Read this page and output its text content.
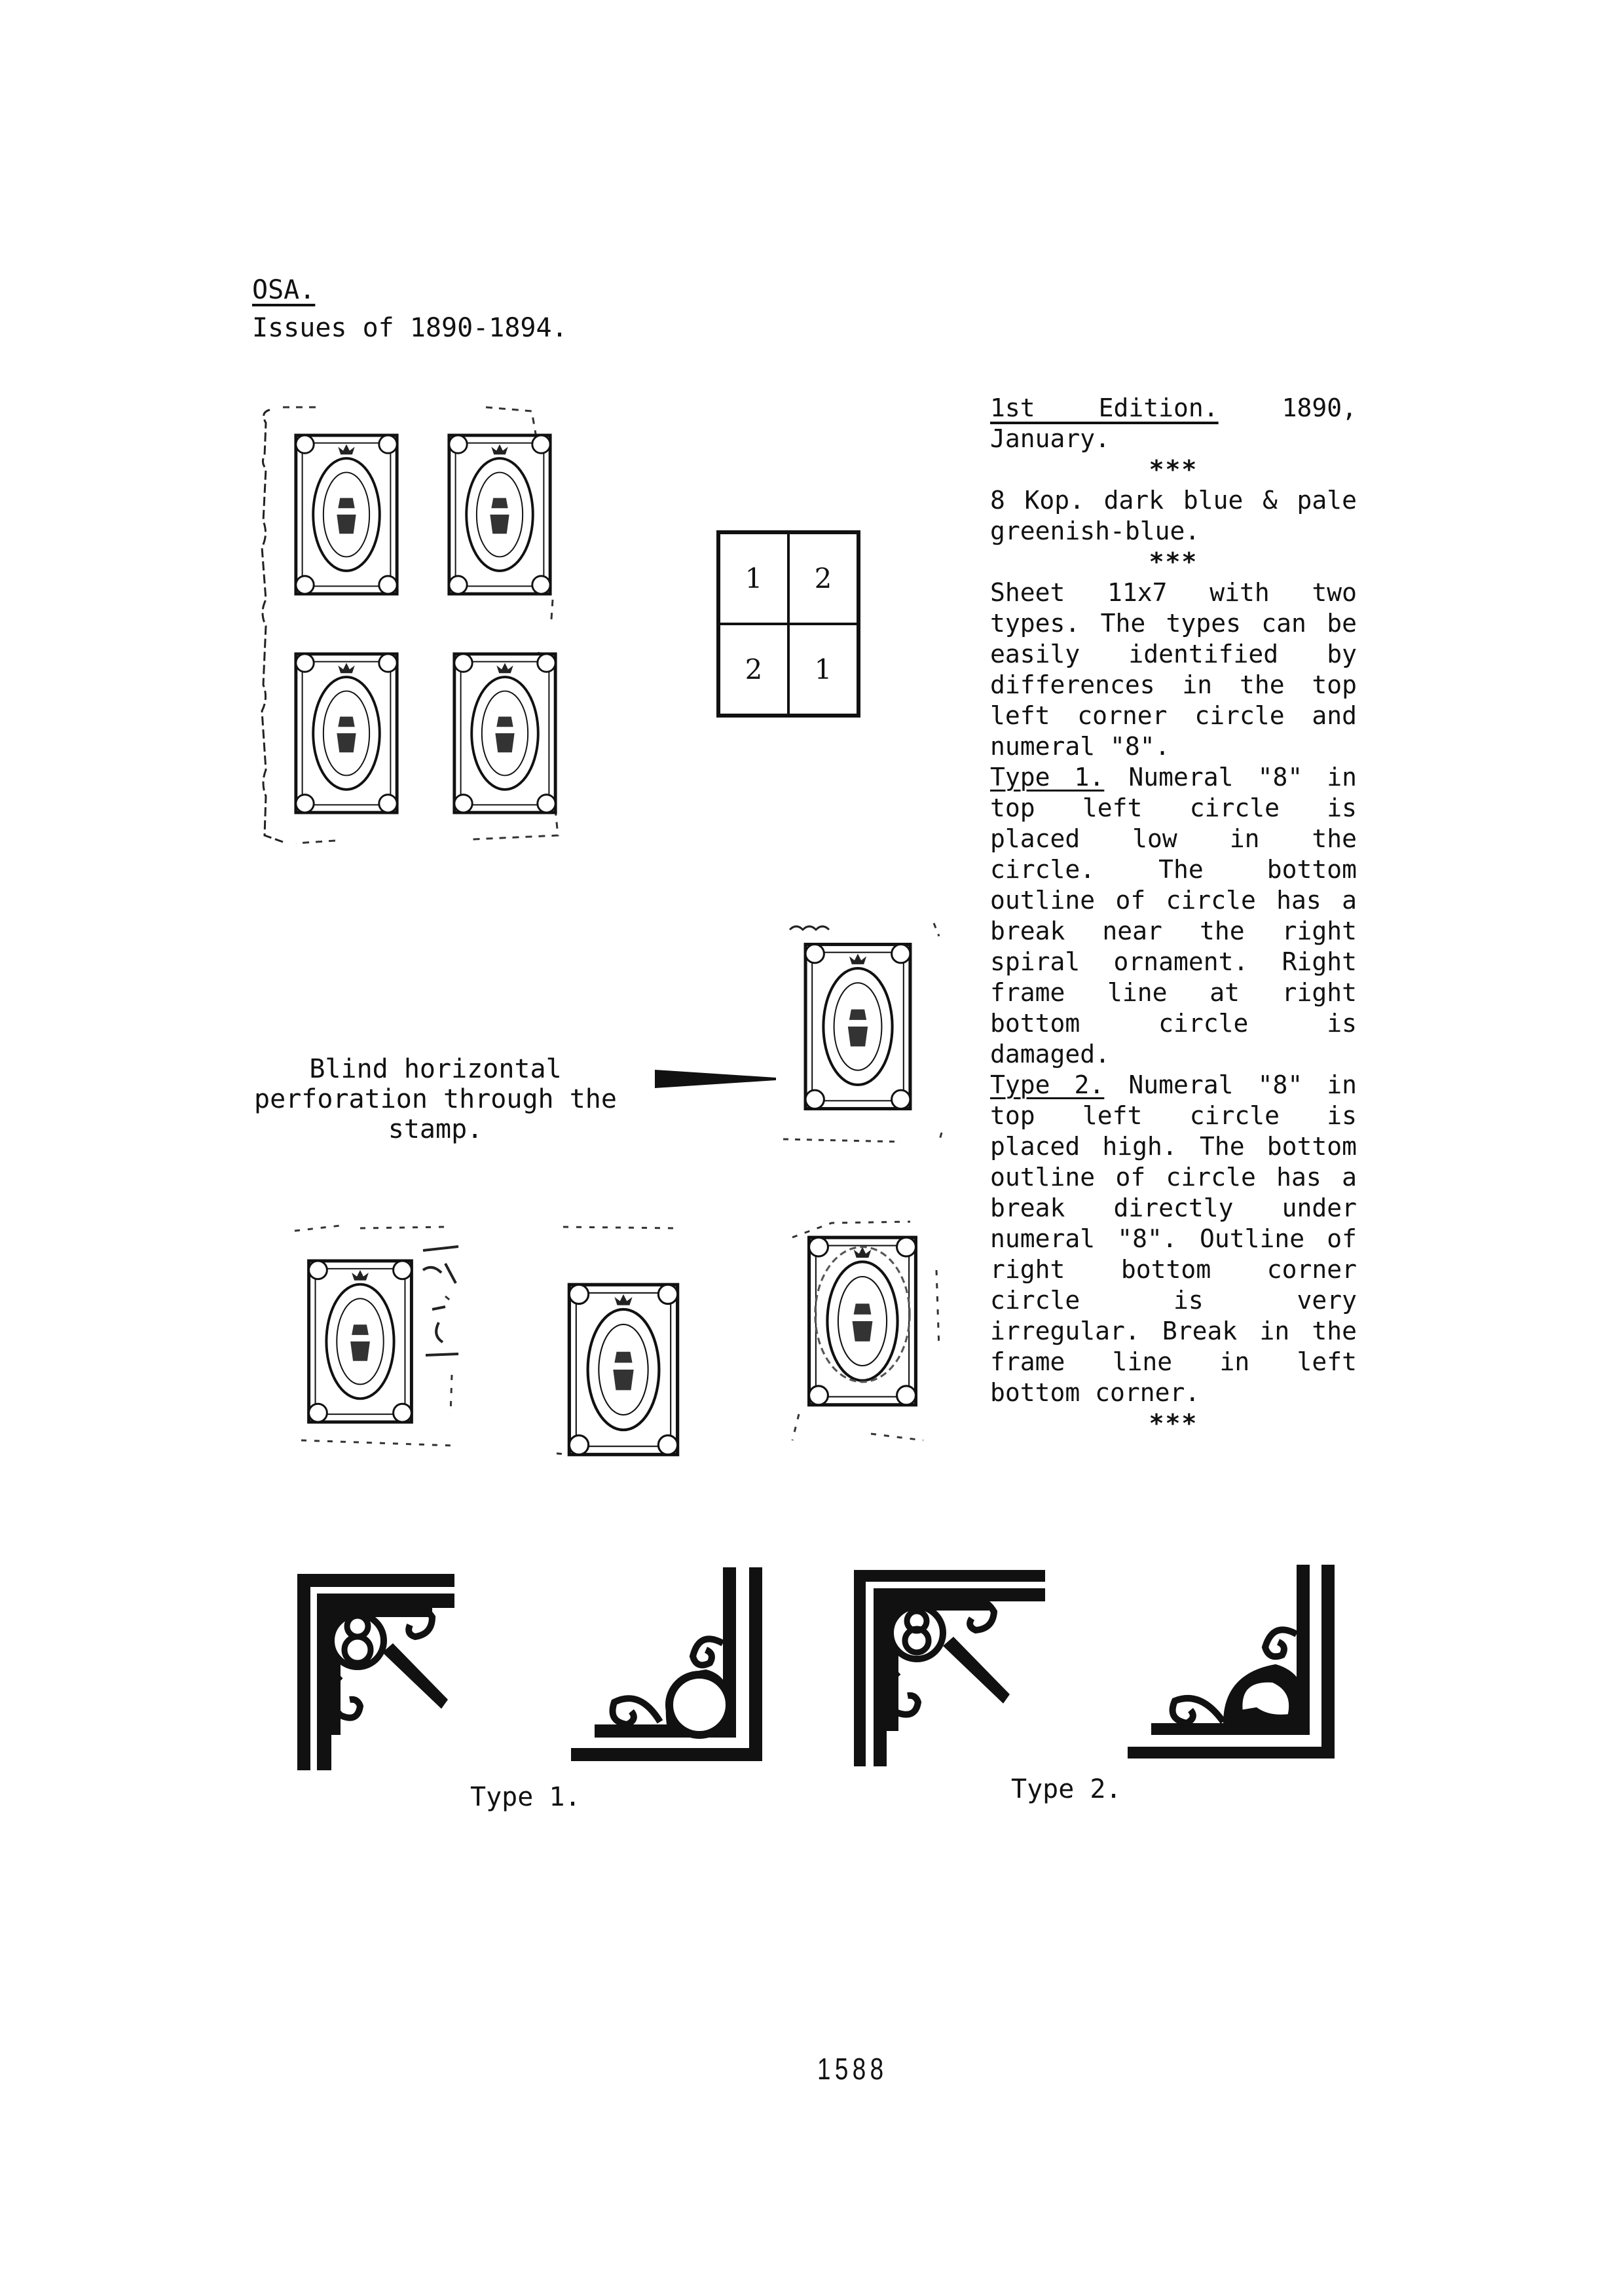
OSA.
Issues of 1890-1894.
1	2
2	1
1st Edition. 1890, January.
***
8 Kop. dark blue & pale greenish-blue.
***
Sheet 11x7 with two types. The types can be easily identified by differences in the top left corner circle and numeral "8".
Type 1. Numeral "8" in top left circle is placed low in the circle. The bottom outline of circle has a break near the right spiral ornament. Right frame line at right bottom circle is damaged.
Type 2. Numeral "8" in top left circle is placed high. The bottom outline of circle has a break directly under numeral "8". Outline of right bottom corner circle is very irregular. Break in the frame line in left bottom corner.
***
Blind horizontal perforation through the stamp.
Type 1.	Type 2.
1588
